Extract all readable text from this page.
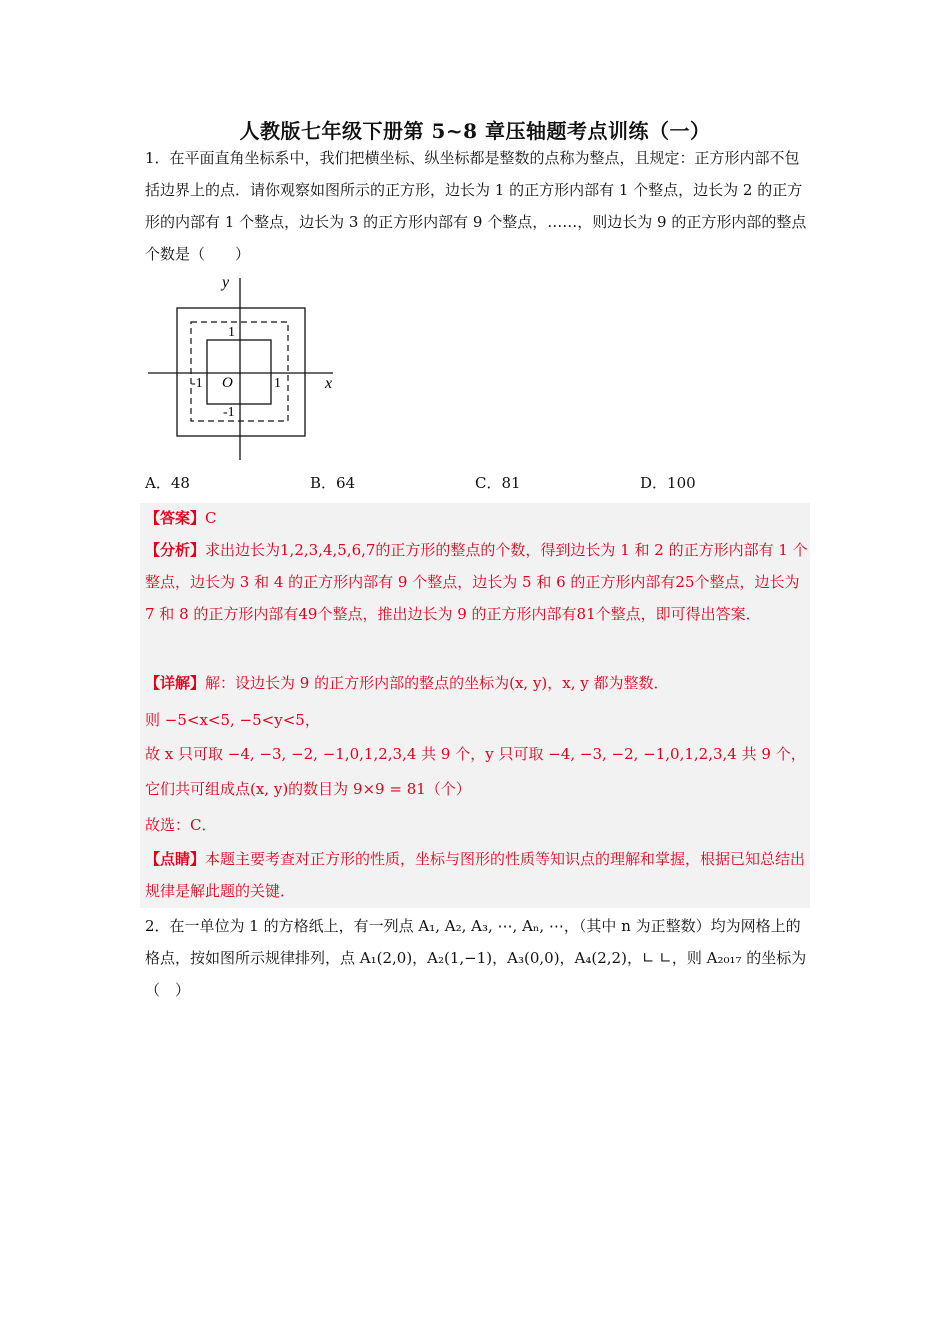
人教版七年级下册第 5~8 章压轴题考点训练（一）
1．在平面直角坐标系中，我们把横坐标、纵坐标都是整数的点称为整点，且规定：正方形内部不包括边界上的点．请你观察如图所示的正方形，边长为 1 的正方形内部有 1 个整点，边长为 2 的正方形的内部有 1 个整点，边长为 3 的正方形内部有 9 个整点，……，则边长为 9 的正方形内部的整点个数是（　　）
y
x
O	1
-1
1
-1
A．48	B．64	C．81	D．100
【答案】C
【分析】求出边长为1,2,3,4,5,6,7的正方形的整点的个数，得到边长为 1 和 2 的正方形内部有 1 个整点，边长为 3 和 4 的正方形内部有 9 个整点，边长为 5 和 6 的正方形内部有25个整点，边长为 7 和 8 的正方形内部有49个整点，推出边长为 9 的正方形内部有81个整点，即可得出答案．
【详解】解：设边长为 9 的正方形内部的整点的坐标为(x, y)，x, y 都为整数．
则 −5<x<5, −5<y<5，
故 x 只可取 −4, −3, −2, −1,0,1,2,3,4 共 9 个，y 只可取 −4, −3, −2, −1,0,1,2,3,4 共 9 个，
它们共可组成点(x, y)的数目为 9×9 = 81（个）
故选：C．
【点睛】本题主要考查对正方形的性质，坐标与图形的性质等知识点的理解和掌握，根据已知总结出规律是解此题的关键．
2．在一单位为 1 的方格纸上，有一列点 A₁, A₂, A₃, ⋯, Aₙ, ⋯，（其中 n 为正整数）均为网格上的格点，按如图所示规律排列，点 A₁(2,0)，A₂(1,−1)，A₃(0,0)，A₄(2,2)，∟ ∟，则 A₂₀₁₇ 的坐标为（　）
